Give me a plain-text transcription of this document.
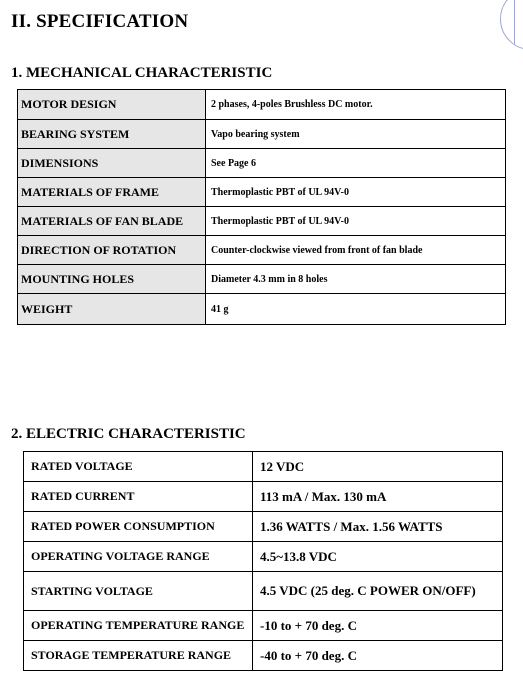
II. SPECIFICATION
1. MECHANICAL CHARACTERISTIC
MOTOR DESIGN	2 phases, 4-poles Brushless DC motor.
BEARING SYSTEM	Vapo bearing system
DIMENSIONS	See Page 6
MATERIALS OF FRAME	Thermoplastic PBT of UL 94V-0
MATERIALS OF FAN BLADE	Thermoplastic PBT of UL 94V-0
DIRECTION OF ROTATION	Counter-clockwise viewed from front of fan blade
MOUNTING HOLES	Diameter 4.3 mm in 8 holes
WEIGHT	41 g
2. ELECTRIC CHARACTERISTIC
RATED VOLTAGE	12 VDC
RATED CURRENT	113 mA / Max. 130 mA
RATED POWER CONSUMPTION	1.36 WATTS / Max. 1.56 WATTS
OPERATING VOLTAGE RANGE	4.5~13.8 VDC
STARTING VOLTAGE	4.5 VDC (25 deg. C POWER ON/OFF)
OPERATING TEMPERATURE RANGE	-10 to + 70 deg. C
STORAGE TEMPERATURE RANGE	-40 to + 70 deg. C
